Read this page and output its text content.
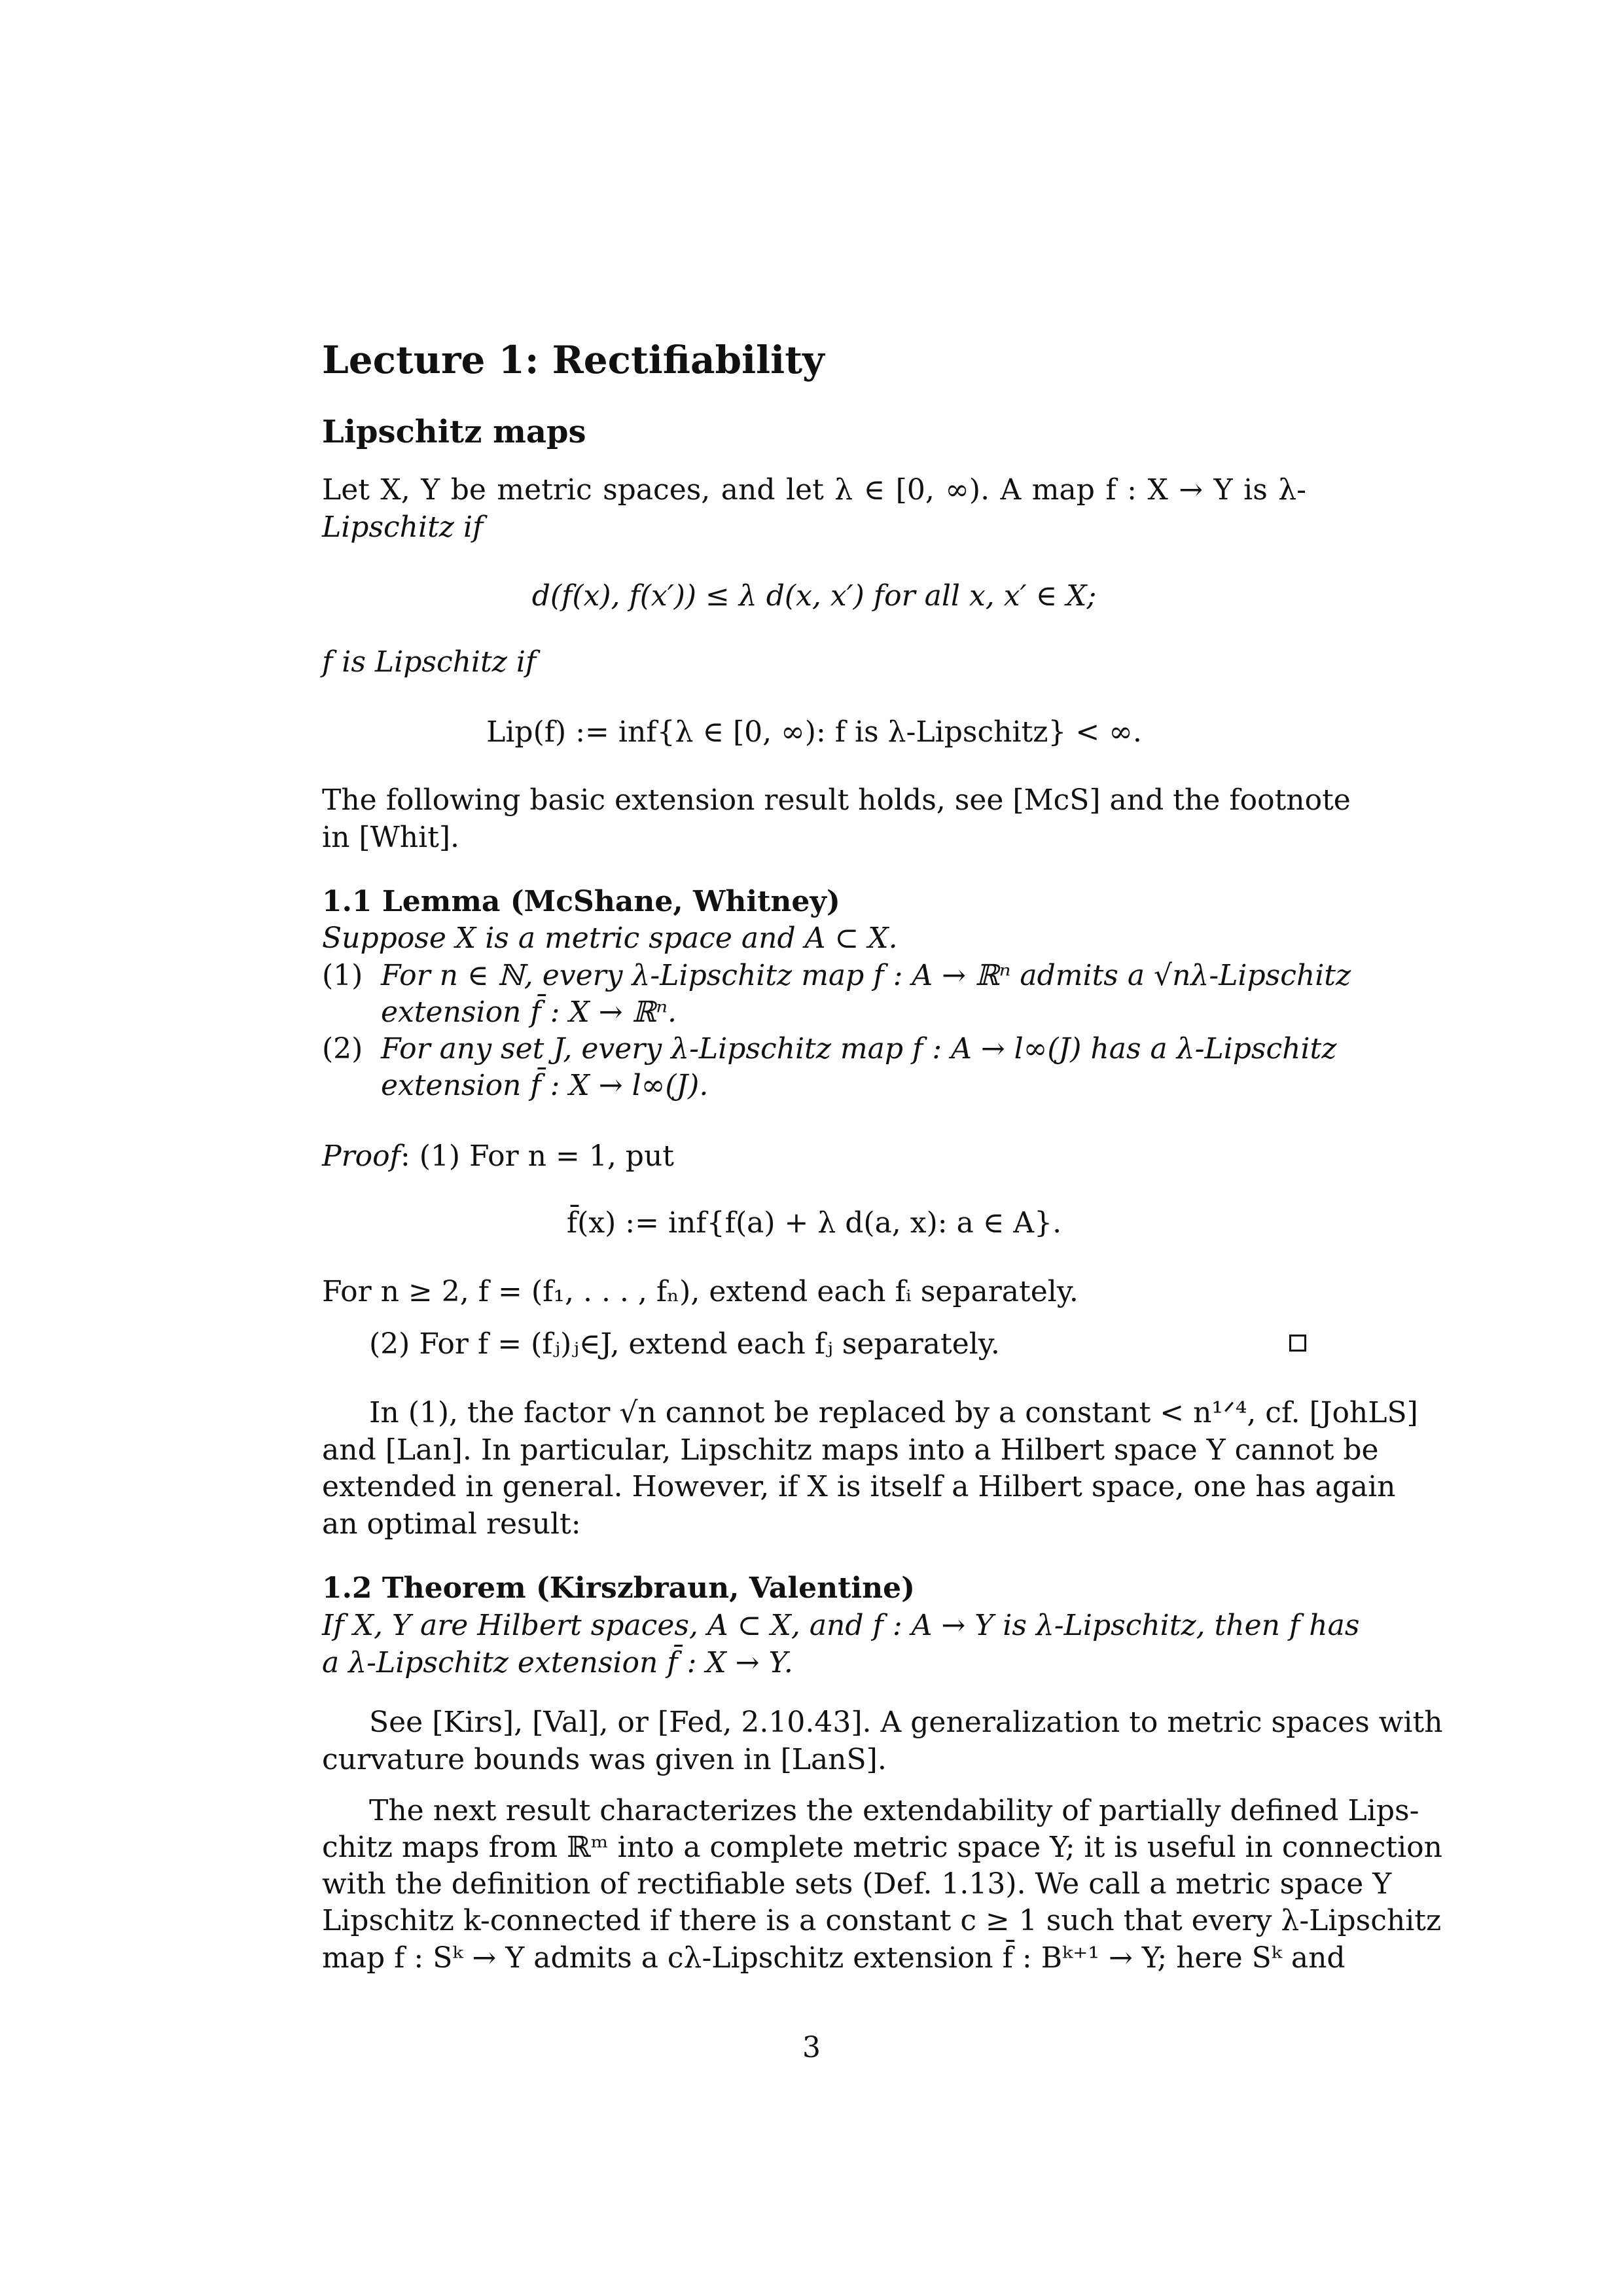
Lecture 1: Rectifiability
Lipschitz maps
Let X, Y be metric spaces, and let λ ∈ [0, ∞). A map f : X → Y is λ-
Lipschitz if
d(f(x), f(x′)) ≤ λ d(x, x′) for all x, x′ ∈ X;
f is Lipschitz if
Lip(f) := inf{λ ∈ [0, ∞): f is λ-Lipschitz} < ∞.
The following basic extension result holds, see [McS] and the footnote
in [Whit].
1.1 Lemma (McShane, Whitney)
Suppose X is a metric space and A ⊂ X.
(1) For n ∈ ℕ, every λ-Lipschitz map f : A → ℝⁿ admits a √nλ-Lipschitz
extension f̄ : X → ℝⁿ.
(2) For any set J, every λ-Lipschitz map f : A → l∞(J) has a λ-Lipschitz
extension f̄ : X → l∞(J).
Proof: (1) For n = 1, put
f̄(x) := inf{f(a) + λ d(a, x): a ∈ A}.
For n ≥ 2, f = (f₁, . . . , fₙ), extend each fᵢ separately.
(2) For f = (fⱼ)ⱼ∈J, extend each fⱼ separately.
In (1), the factor √n cannot be replaced by a constant < n¹ᐟ⁴, cf. [JohLS]
and [Lan]. In particular, Lipschitz maps into a Hilbert space Y cannot be
extended in general. However, if X is itself a Hilbert space, one has again
an optimal result:
1.2 Theorem (Kirszbraun, Valentine)
If X, Y are Hilbert spaces, A ⊂ X, and f : A → Y is λ-Lipschitz, then f has
a λ-Lipschitz extension f̄ : X → Y.
See [Kirs], [Val], or [Fed, 2.10.43]. A generalization to metric spaces with
curvature bounds was given in [LanS].
The next result characterizes the extendability of partially defined Lips-
chitz maps from ℝᵐ into a complete metric space Y; it is useful in connection
with the definition of rectifiable sets (Def. 1.13). We call a metric space Y
Lipschitz k-connected if there is a constant c ≥ 1 such that every λ-Lipschitz
map f : Sᵏ → Y admits a cλ-Lipschitz extension f̄ : Bᵏ⁺¹ → Y; here Sᵏ and
3
